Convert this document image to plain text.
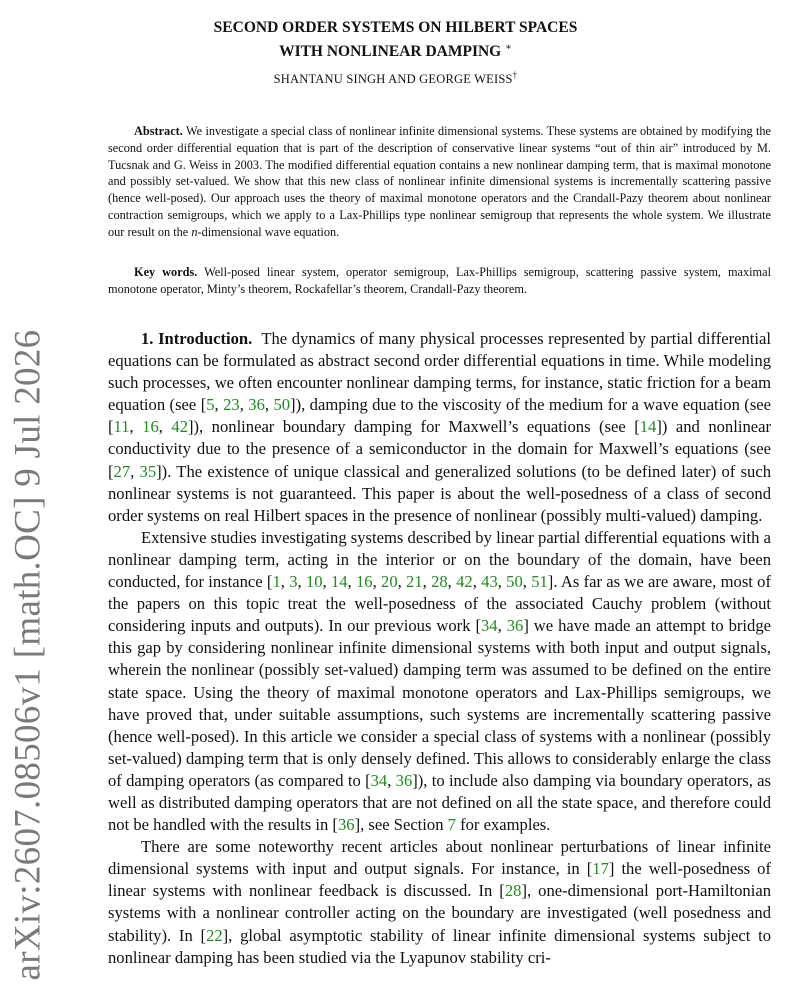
arXiv:2607.08506v1 [math.OC] 9 Jul 2026
SECOND ORDER SYSTEMS ON HILBERT SPACES
WITH NONLINEAR DAMPING ∗
SHANTANU SINGH AND GEORGE WEISS†
Abstract. We investigate a special class of nonlinear infinite dimensional systems. These systems are obtained by modifying the second order differential equation that is part of the description of conservative linear systems “out of thin air” introduced by M. Tucsnak and G. Weiss in 2003. The modified differential equation contains a new nonlinear damping term, that is maximal monotone and possibly set-valued. We show that this new class of nonlinear infinite dimensional systems is incrementally scattering passive (hence well-posed). Our approach uses the theory of maximal monotone operators and the Crandall-Pazy theorem about nonlinear contraction semigroups, which we apply to a Lax-Phillips type nonlinear semigroup that represents the whole system. We illustrate our result on the n-dimensional wave equation.
Key words. Well-posed linear system, operator semigroup, Lax-Phillips semigroup, scattering passive system, maximal monotone operator, Minty’s theorem, Rockafellar’s theorem, Crandall-Pazy theorem.

1. Introduction. The dynamics of many physical processes represented by partial differential equations can be formulated as abstract second order differential equations in time. While modeling such processes, we often encounter nonlinear damping terms, for instance, static friction for a beam equation (see [5, 23, 36, 50]), damping due to the viscosity of the medium for a wave equation (see [11, 16, 42]), nonlinear boundary damping for Maxwell’s equations (see [14]) and nonlinear conductivity due to the presence of a semiconductor in the domain for Maxwell’s equations (see [27, 35]). The existence of unique classical and generalized solutions (to be defined later) of such nonlinear systems is not guaranteed. This paper is about the well-posedness of a class of second order systems on real Hilbert spaces in the presence of nonlinear (possibly multi-valued) damping.

Extensive studies investigating systems described by linear partial differential equations with a nonlinear damping term, acting in the interior or on the boundary of the domain, have been conducted, for instance [1, 3, 10, 14, 16, 20, 21, 28, 42, 43, 50, 51]. As far as we are aware, most of the papers on this topic treat the well-posedness of the associated Cauchy problem (without considering inputs and outputs). In our previous work [34, 36] we have made an attempt to bridge this gap by considering nonlinear infinite dimensional systems with both input and output signals, wherein the nonlinear (possibly set-valued) damping term was assumed to be defined on the entire state space. Using the theory of maximal monotone operators and Lax-Phillips semigroups, we have proved that, under suitable assumptions, such systems are incrementally scattering passive (hence well-posed). In this article we consider a special class of systems with a nonlinear (possibly set-valued) damping term that is only densely defined. This allows to considerably enlarge the class of damping operators (as compared to [34, 36]), to include also damping via boundary operators, as well as distributed damping operators that are not defined on all the state space, and therefore could not be handled with the results in [36], see Section 7 for examples.

There are some noteworthy recent articles about nonlinear perturbations of linear infinite dimensional systems with input and output signals. For instance, in [17] the well-posedness of linear systems with nonlinear feedback is discussed. In [28], one-dimensional port-Hamiltonian systems with a nonlinear controller acting on the boundary are investigated (well posedness and stability). In [22], global asymptotic stability of linear infinite dimensional systems subject to nonlinear damping has been studied via the Lyapunov stability cri-
